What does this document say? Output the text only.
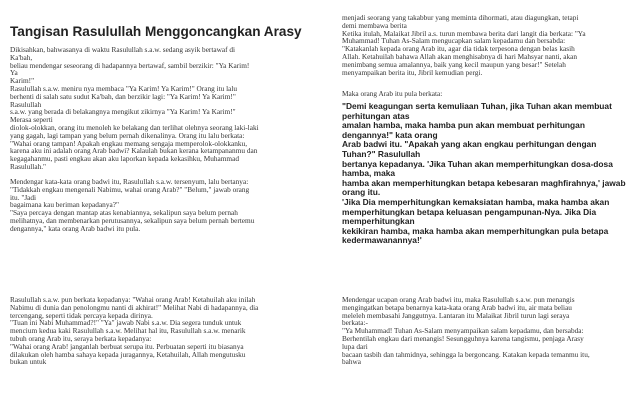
Tangisan Rasulullah Menggoncangkan Arasy
Dikisahkan, bahwasanya di waktu Rasulullah s.a.w. sedang asyik bertawaf di
Ka'bah,
beliau mendengar seseorang di hadapannya bertawaf, sambil berzikir: "Ya Karim!
Ya
Karim!"
Rasulullah s.a.w. meniru nya membaca "Ya Karim! Ya Karim!" Orang itu lalu
berhenti di salah satu sudut Ka'bah, dan berzikir lagi: "Ya Karim! Ya Karim!"
Rasulullah
s.a.w. yang berada di belakangnya mengikut zikirnya "Ya Karim! Ya Karim!"
Merasa seperti
diolok-olokkan, orang itu menoleh ke belakang dan terlihat olehnya seorang laki-laki
yang gagah, lagi tampan yang belum pernah dikenalinya. Orang itu lalu berkata:
"Wahai orang tampan! Apakah engkau memang sengaja memperolok-olokkanku,
karena aku ini adalah orang Arab badwi? Kalaulah bukan kerana ketampananmu dan
kegagahanmu, pasti engkau akan aku laporkan kepada kekasihku, Muhammad
Rasulullah."
Mendengar kata-kata orang badwi itu, Rasulullah s.a.w. tersenyum, lalu bertanya:
"Tidakkah engkau mengenali Nabimu, wahai orang Arab?" "Belum," jawab orang
itu. "Jadi
bagaimana kau beriman kepadanya?"
"Saya percaya dengan mantap atas kenabiannya, sekalipun saya belum pernah
melihatnya, dan membenarkan perutusannya, sekalipun saya belum pernah bertemu
dengannya," kata orang Arab badwi itu pula.
Rasulullah s.a.w. pun berkata kepadanya: "Wahai orang Arab! Ketahuilah aku inilah
Nabimu di dunia dan penolongmu nanti di akhirat!" Melihat Nabi di hadapannya, dia
tercengang, seperti tidak percaya kepada dirinya.
"Tuan ini Nabi Muhammad?!" "Ya" jawab Nabi s.a.w. Dia segera tunduk untuk
mencium kedua kaki Rasulullah s.a.w. Melihat hal itu, Rasulullah s.a.w. menarik
tubuh orang Arab itu, seraya berkata kepadanya:
"Wahai orang Arab! janganlah berbuat serupa itu. Perbuatan seperti itu biasanya
dilakukan oleh hamba sahaya kepada juragannya, Ketahuilah, Allah mengutusku
bukan untuk
menjadi seorang yang takabbur yang meminta dihormati, atau diagungkan, tetapi
demi membawa berita
Ketika itulah, Malaikat Jibril a.s. turun membawa berita dari langit dia berkata: "Ya
Muhammad! Tuhan As-Salam mengucapkan salam kepadamu dan bersabda:
"Katakanlah kepada orang Arab itu, agar dia tidak terpesona dengan belas kasih
Allah. Ketahuilah bahawa Allah akan menghisabnya di hari Mahsyar nanti, akan
menimbang semua amalannya, baik yang kecil maupun yang besar!" Setelah
menyampaikan berita itu, Jibril kemudian pergi.
Maka orang Arab itu pula berkata:
"Demi keagungan serta kemuliaan Tuhan, jika Tuhan akan membuat
perhitungan atas
amalan hamba, maka hamba pun akan membuat perhitungan
dengannya!" kata orang
Arab badwi itu. "Apakah yang akan engkau perhitungan dengan
Tuhan?" Rasulullah
bertanya kepadanya. 'Jika Tuhan akan memperhitungkan dosa-dosa
hamba, maka
hamba akan memperhitungkan betapa kebesaran maghfirahnya,' jawab
orang itu.
'Jika Dia memperhitungkan kemaksiatan hamba, maka hamba akan
memperhitungkan betapa keluasan pengampunan-Nya. Jika Dia
memperhitungkan
kekikiran hamba, maka hamba akan memperhitungkan pula betapa
kedermawanannya!'
Mendengar ucapan orang Arab badwi itu, maka Rasulullah s.a.w. pun menangis
mengingatkan betapa benarnya kata-kata orang Arab badwi itu, air mata beliau
meleleh membasahi Janggutnya. Lantaran itu Malaikat Jibril turun lagi seraya
berkata:-
"Ya Muhammad! Tuhan As-Salam menyampaikan salam kepadamu, dan bersabda:
Berhentilah engkau dari menangis! Sesungguhnya karena tangismu, penjaga Arasy
lupa dari
bacaan tasbih dan tahmidnya, sehingga la bergoncang. Katakan kepada temanmu itu,
bahwa
